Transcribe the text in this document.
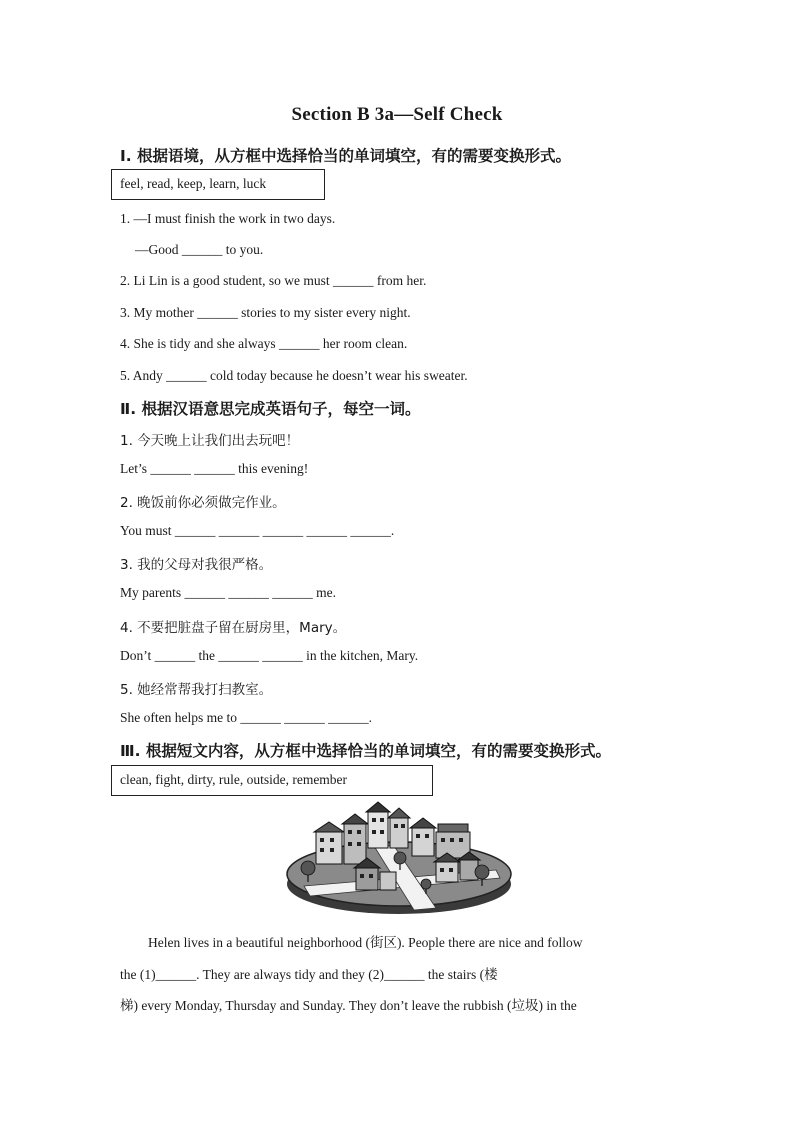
Section B 3a—Self Check
Ⅰ. 根据语境，从方框中选择恰当的单词填空，有的需要变换形式。
feel, read, keep, learn, luck
1. —I must finish the work in two days.
—Good ______ to you.
2. Li Lin is a good student, so we must ______ from her.
3. My mother ______ stories to my sister every night.
4. She is tidy and she always ______ her room clean.
5. Andy ______ cold today because he doesn’t wear his sweater.
Ⅱ. 根据汉语意思完成英语句子，每空一词。
1. 今天晚上让我们出去玩吧！
Let’s ______ ______ this evening!
2. 晚饭前你必须做完作业。
You must ______ ______ ______ ______ ______.
3. 我的父母对我很严格。
My parents ______ ______ ______ me.
4. 不要把脏盘子留在厨房里，Mary。
Don’t ______ the ______ ______ in the kitchen, Mary.
5. 她经常帮我打扫教室。
She often helps me to ______ ______ ______.
Ⅲ. 根据短文内容，从方框中选择恰当的单词填空，有的需要变换形式。
clean, fight, dirty, rule, outside, remember
Helen lives in a beautiful neighborhood (街区). People there are nice and follow
the (1)______. They are always tidy and they (2)______ the stairs (楼
梯) every Monday, Thursday and Sunday. They don’t leave the rubbish (垃圾) in the
